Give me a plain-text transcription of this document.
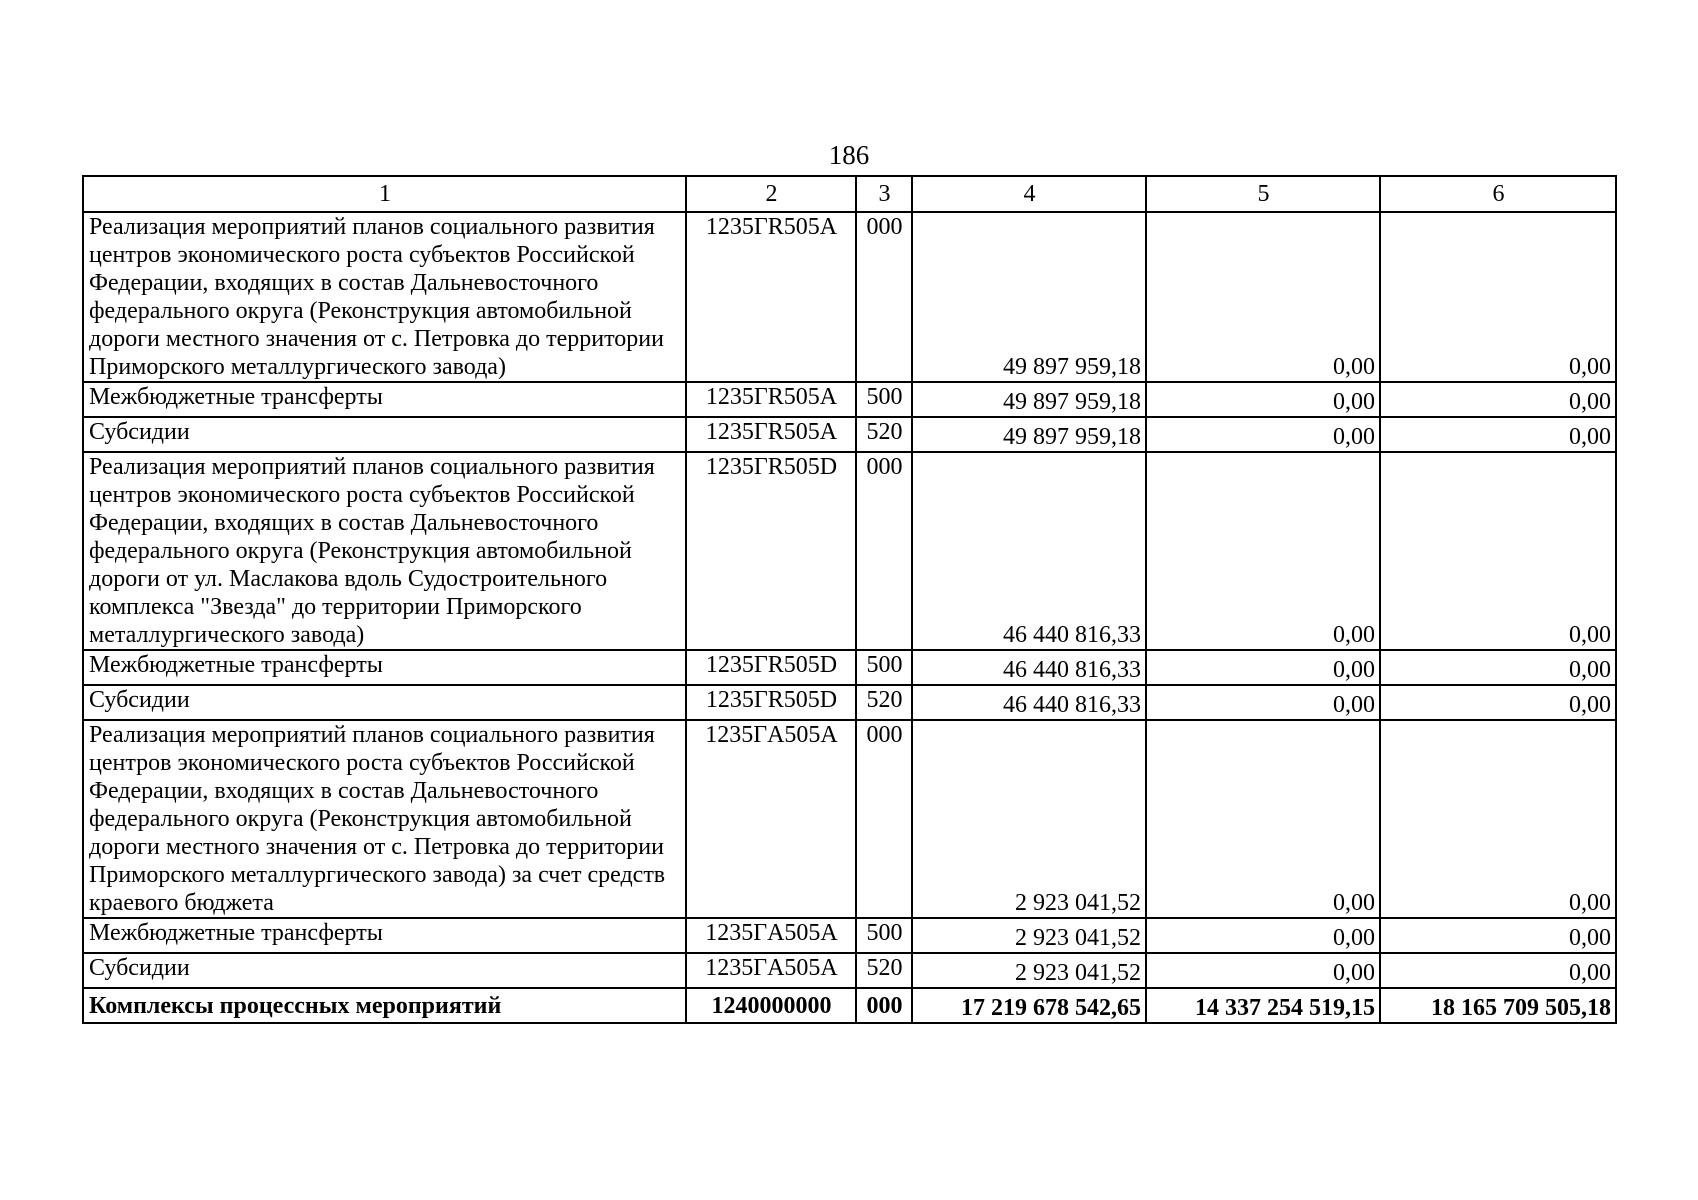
186
1	2	3	4	5	6
Реализация мероприятий планов социального развития центров экономического роста субъектов Российской Федерации, входящих в состав Дальневосточного федерального округа (Реконструкция автомобильной дороги местного значения от с. Петровка до территории Приморского металлургического завода)	1235ГR505A	000	49 897 959,18	0,00	0,00
Межбюджетные трансферты	1235ГR505A	500	49 897 959,18	0,00	0,00
Субсидии	1235ГR505A	520	49 897 959,18	0,00	0,00
Реализация мероприятий планов социального развития центров экономического роста субъектов Российской Федерации, входящих в состав Дальневосточного федерального округа (Реконструкция автомобильной дороги от ул. Маслакова вдоль Судостроительного комплекса "Звезда" до территории Приморского металлургического завода)	1235ГR505D	000	46 440 816,33	0,00	0,00
Межбюджетные трансферты	1235ГR505D	500	46 440 816,33	0,00	0,00
Субсидии	1235ГR505D	520	46 440 816,33	0,00	0,00
Реализация мероприятий планов социального развития центров экономического роста субъектов Российской Федерации, входящих в состав Дальневосточного федерального округа (Реконструкция автомобильной дороги местного значения от с. Петровка до территории Приморского металлургического завода) за счет средств краевого бюджета	1235ГA505A	000	2 923 041,52	0,00	0,00
Межбюджетные трансферты	1235ГA505A	500	2 923 041,52	0,00	0,00
Субсидии	1235ГA505A	520	2 923 041,52	0,00	0,00
Комплексы процессных мероприятий	1240000000	000	17 219 678 542,65	14 337 254 519,15	18 165 709 505,18
